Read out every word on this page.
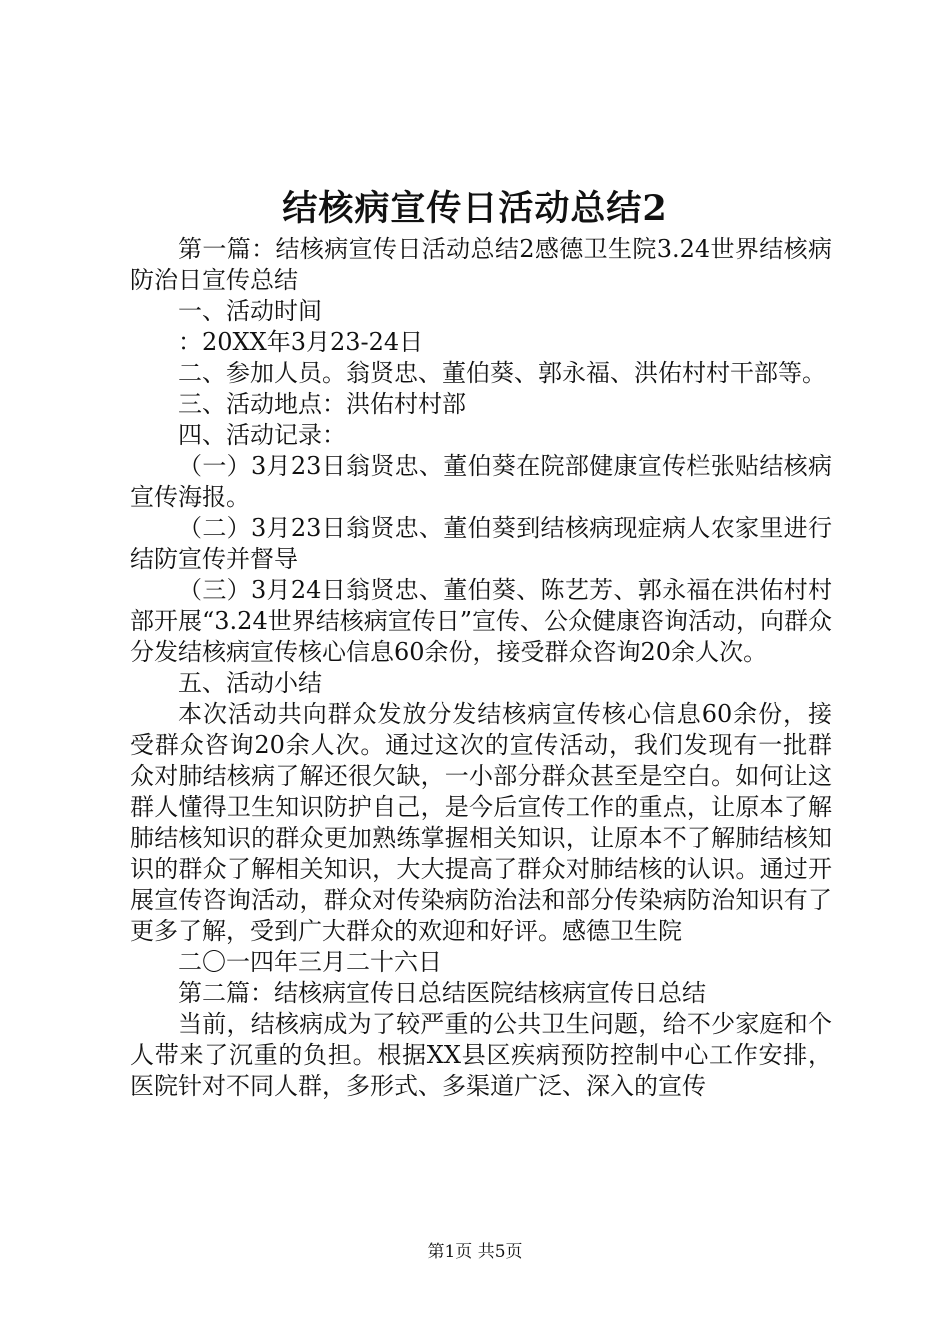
结核病宣传日活动总结2

第一篇：结核病宣传日活动总结2感德卫生院3.24世界结核病防治日宣传总结

一、活动时间

：20XX年3月23-24日

二、参加人员。翁贤忠、董伯葵、郭永福、洪佑村村干部等。

三、活动地点：洪佑村村部

四、活动记录：

（一）3月23日翁贤忠、董伯葵在院部健康宣传栏张贴结核病宣传海报。

（二）3月23日翁贤忠、董伯葵到结核病现症病人农家里进行结防宣传并督导

（三）3月24日翁贤忠、董伯葵、陈艺芳、郭永福在洪佑村村部开展“3.24世界结核病宣传日”宣传、公众健康咨询活动，向群众分发结核病宣传核心信息60余份，接受群众咨询20余人次。

五、活动小结

本次活动共向群众发放分发结核病宣传核心信息60余份，接受群众咨询20余人次。通过这次的宣传活动，我们发现有一批群众对肺结核病了解还很欠缺，一小部分群众甚至是空白。如何让这群人懂得卫生知识防护自己，是今后宣传工作的重点，让原本了解肺结核知识的群众更加熟练掌握相关知识，让原本不了解肺结核知识的群众了解相关知识，大大提高了群众对肺结核的认识。通过开展宣传咨询活动，群众对传染病防治法和部分传染病防治知识有了更多了解，受到广大群众的欢迎和好评。感德卫生院

二〇一四年三月二十六日

第二篇：结核病宣传日总结医院结核病宣传日总结

当前，结核病成为了较严重的公共卫生问题，给不少家庭和个人带来了沉重的负担。根据XX县区疾病预防控制中心工作安排，医院针对不同人群，多形式、多渠道广泛、深入的宣传

第1页 共5页
